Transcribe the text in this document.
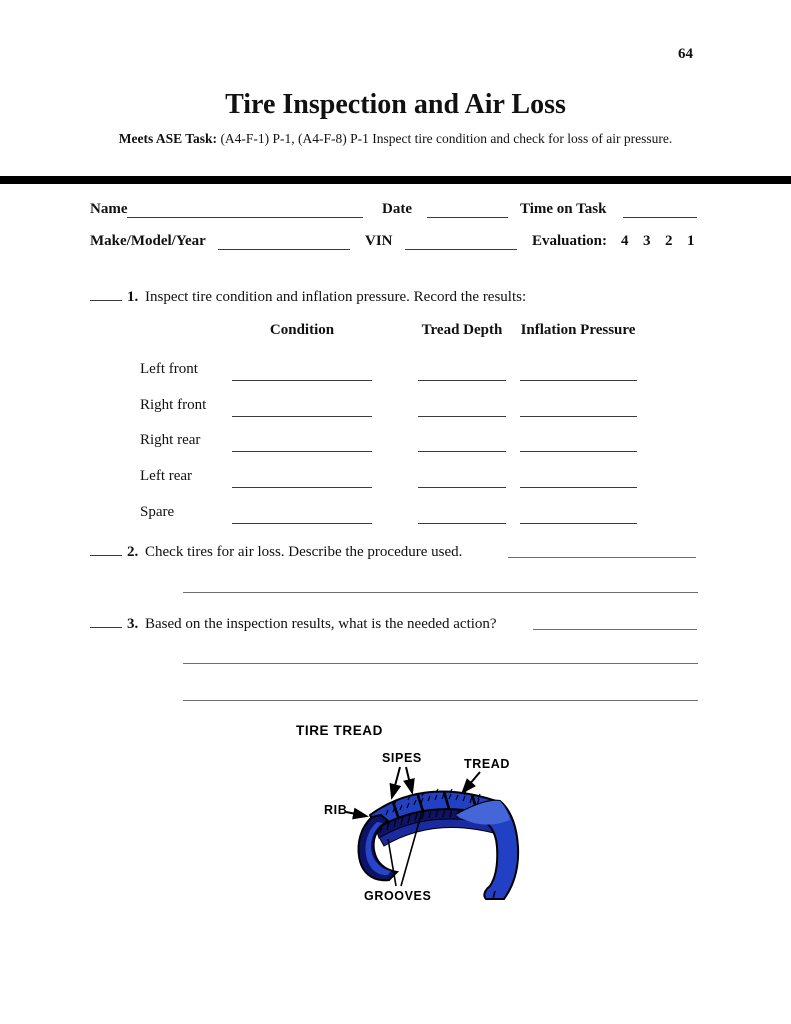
64
Tire Inspection and Air Loss
Meets ASE Task: (A4-F-1) P-1, (A4-F-8) P-1 Inspect tire condition and check for loss of air pressure.
Name	Date	Time on Task
Make/Model/Year	VIN	Evaluation: 4 3 2 1
1. Inspect tire condition and inflation pressure. Record the results:
Condition	Tread Depth	Inflation Pressure
Left front
Right front
Right rear
Left rear
Spare
2. Check tires for air loss. Describe the procedure used.
3. Based on the inspection results, what is the needed action?
TIRE TREAD
SIPES	TREAD
RIB
GROOVES
